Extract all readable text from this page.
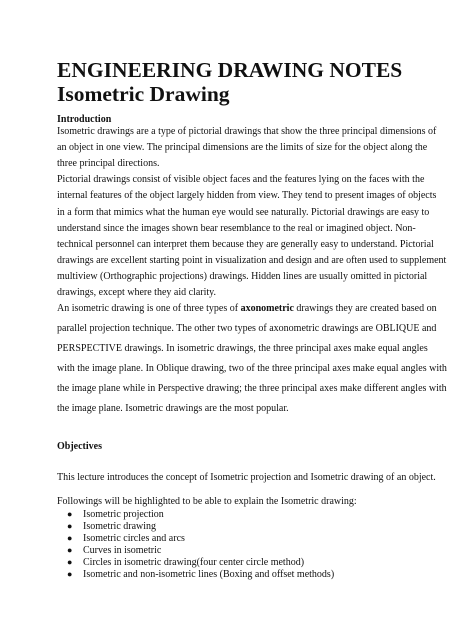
ENGINEERING DRAWING NOTES
Isometric Drawing
Introduction
Isometric drawings are a type of pictorial drawings that show the three principal dimensions of
an object in one view. The principal dimensions are the limits of size for the object along the
three principal directions.
Pictorial drawings consist of visible object faces and the features lying on the faces with the
internal features of the object largely hidden from view. They tend to present images of objects
in a form that mimics what the human eye would see naturally. Pictorial drawings are easy to
understand since the images shown bear resemblance to the real or imagined object. Non-
technical personnel can interpret them because they are generally easy to understand. Pictorial
drawings are excellent starting point in visualization and design and are often used to supplement
multiview (Orthographic projections) drawings. Hidden lines are usually omitted in pictorial
drawings, except where they aid clarity.
An isometric drawing is one of three types of axonometric drawings they are created based on
parallel projection technique. The other two types of axonometric drawings are OBLIQUE and
PERSPECTIVE drawings. In isometric drawings, the three principal axes make equal angles
with the image plane. In Oblique drawing, two of the three principal axes make equal angles with
the image plane while in Perspective drawing; the three principal axes make different angles with
the image plane. Isometric drawings are the most popular.
Objectives
This lecture introduces the concept of Isometric projection and Isometric drawing of an object.
Followings will be highlighted to be able to explain the Isometric drawing:
● Isometric projection
● Isometric drawing
● Isometric circles and arcs
● Curves in isometric
● Circles in isometric drawing(four center circle method)
● Isometric and non-isometric lines (Boxing and offset methods)
